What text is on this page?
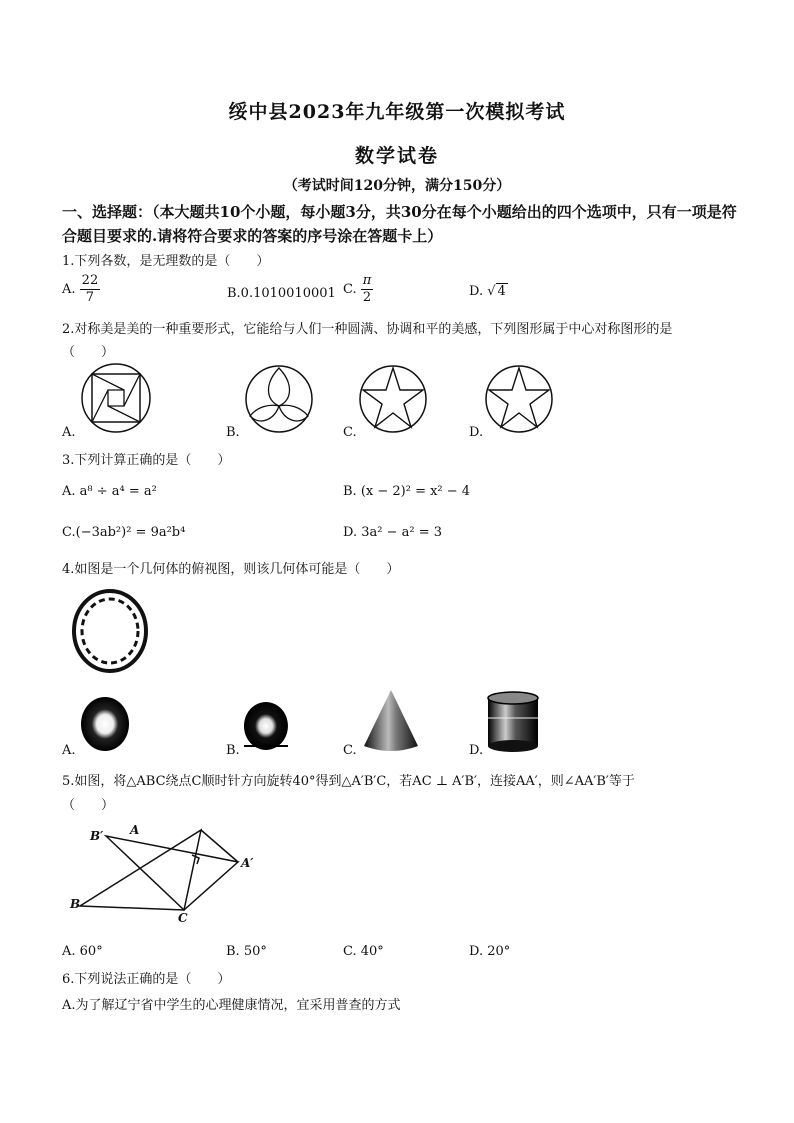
绥中县2023年九年级第一次模拟考试
数学试卷
（考试时间120分钟，满分150分）
一、选择题：（本大题共10个小题，每小题3分，共30分在每个小题给出的四个选项中，只有一项是符合题目要求的.请将符合要求的答案的序号涂在答题卡上）
1.下列各数，是无理数的是（　　）
A. $\frac{22}{7}$	B.0.1010010001 C. $\frac{\pi}{2}$	D. √ 4
2.对称美是美的一种重要形式，它能给与人们一种圆满、协调和平的美感，下列图形属于中心对称图形的是
（　　）
A.	B.	C.	D.
3.下列计算正确的是（　　）
A. a⁸ ÷ a⁴ = a²	B. (x − 2)² = x² − 4
C.(−3ab²)² = 9a²b⁴	D. 3a² − a² = 3
4.如图是一个几何体的俯视图，则该几何体可能是（　　）
A.	B.	C.	D.
5.如图，将△ABC绕点C顺时针方向旋转40°得到△A′B′C，若AC ⊥ A′B′，连接AA′，则∠AA′B′等于
（　　）
A
B′
A′
B
C
A. 60°	B. 50°	C. 40°	D. 20°
6.下列说法正确的是（　　）
A.为了解辽宁省中学生的心理健康情况，宜采用普查的方式
